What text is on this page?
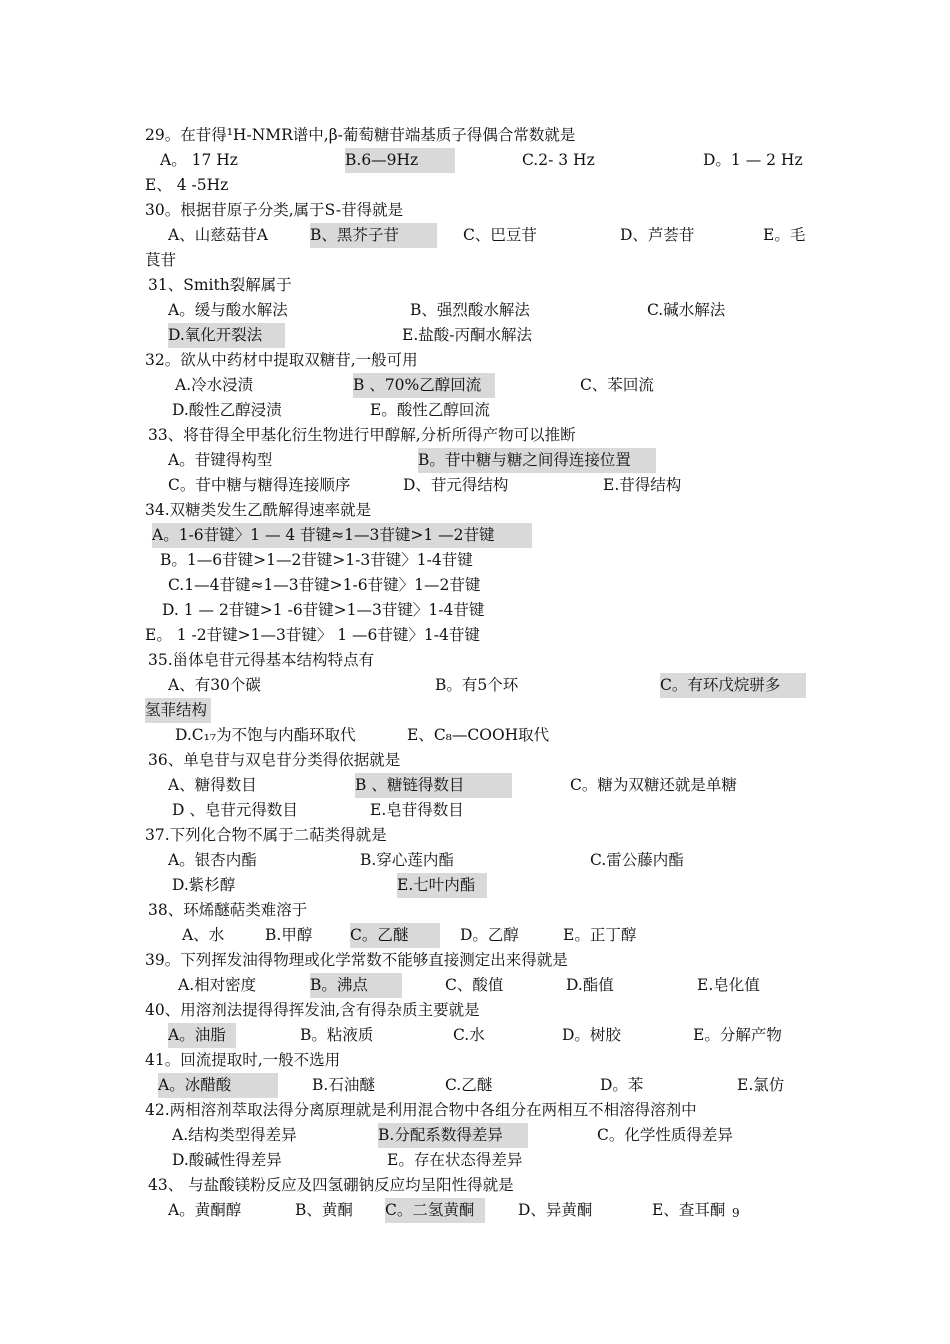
29。在苷得¹H-NMR谱中,β-葡萄糖苷端基质子得偶合常数就是
A。 17 Hz	B.6—9Hz	C.2- 3 Hz	D。1 — 2 Hz
E、 4 -5Hz
30。根据苷原子分类,属于S-苷得就是
A、山慈菇苷A	B、黑芥子苷	C、巴豆苷	D、芦荟苷	E。毛
茛苷
31、Smith裂解属于
A。缓与酸水解法	B、强烈酸水解法	C.碱水解法
D.氧化开裂法	E.盐酸-丙酮水解法
32。欲从中药材中提取双糖苷,一般可用
A.冷水浸渍	B 、70%乙醇回流	C、苯回流
D.酸性乙醇浸渍	E。酸性乙醇回流
33、将苷得全甲基化衍生物进行甲醇解,分析所得产物可以推断
A。苷键得构型	B。苷中糖与糖之间得连接位置
C。苷中糖与糖得连接顺序	D、苷元得结构	E.苷得结构
34.双糖类发生乙酰解得速率就是
A。1-6苷键〉1 — 4 苷键≈1—3苷键>1 —2苷键
B。1—6苷键>1—2苷键>1-3苷键〉1-4苷键
C.1—4苷键≈1—3苷键>1-6苷键〉1—2苷键
D. 1 — 2苷键>1 -6苷键>1—3苷键〉1-4苷键
E。 1 -2苷键>1—3苷键〉 1 —6苷键〉1-4苷键
35.甾体皂苷元得基本结构特点有
A、有30个碳	B。有5个环	C。有环戊烷骈多
氢菲结构
D.C₁₇为不饱与内酯环取代	E、C₈—COOH取代
36、单皂苷与双皂苷分类得依据就是
A、糖得数目	B 、糖链得数目	C。糖为双糖还就是单糖
D 、皂苷元得数目	E.皂苷得数目
37.下列化合物不属于二萜类得就是
A。银杏内酯	B.穿心莲内酯	C.雷公藤内酯
D.紫杉醇	E.七叶内酯
38、环烯醚萜类难溶于
A、水	B.甲醇 C。乙醚	D。乙醇	E。正丁醇
39。下列挥发油得物理或化学常数不能够直接测定出来得就是
A.相对密度	B。沸点	C、酸值	D.酯值	E.皂化值
40、用溶剂法提得得挥发油,含有得杂质主要就是
A。油脂	B。粘液质	C.水	D。树胶	E。分解产物
41。回流提取时,一般不选用
A。冰醋酸	B.石油醚	C.乙醚	D。苯	E.氯仿
42.两相溶剂萃取法得分离原理就是利用混合物中各组分在两相互不相溶得溶剂中
A.结构类型得差异	B.分配系数得差异	C。化学性质得差异
D.酸碱性得差异	E。存在状态得差异
43、 与盐酸镁粉反应及四氢硼钠反应均呈阳性得就是
A。黄酮醇	B、黄酮 C。二氢黄酮	D、异黄酮	E、查耳酮 9
